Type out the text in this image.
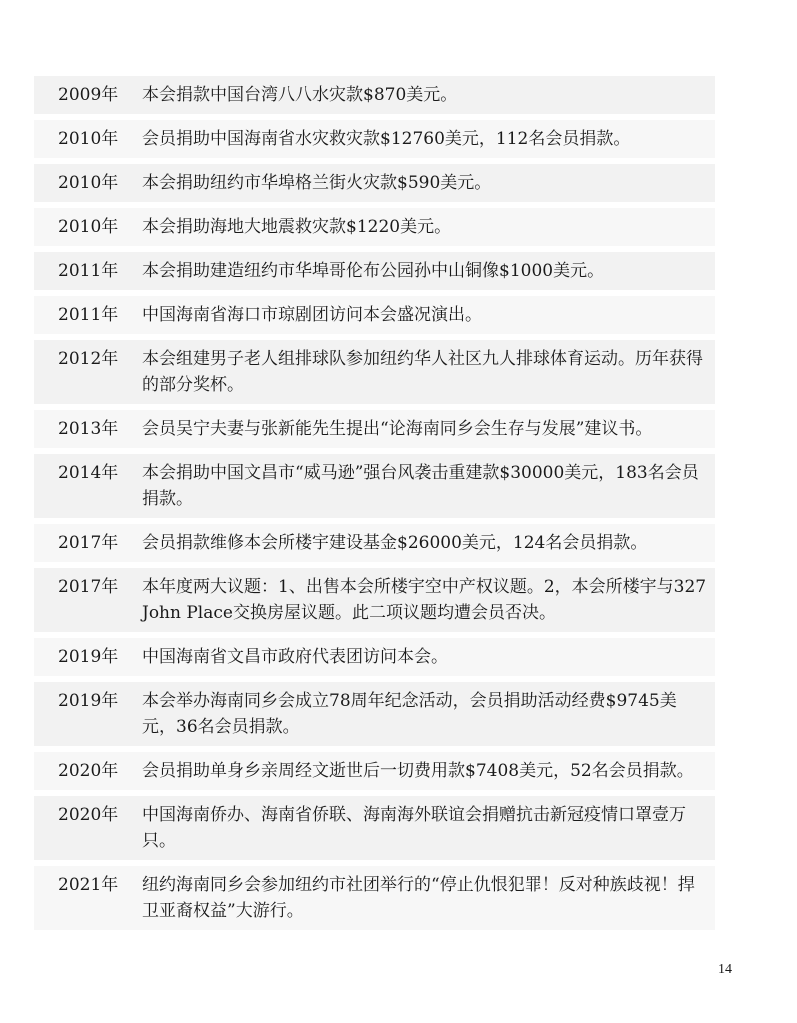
2009年	本会捐款中国台湾八八水灾款$870美元。
2010年	会员捐助中国海南省水灾救灾款$12760美元，112名会员捐款。
2010年	本会捐助纽约市华埠格兰街火灾款$590美元。
2010年	本会捐助海地大地震救灾款$1220美元。
2011年	本会捐助建造纽约市华埠哥伦布公园孙中山铜像$1000美元。
2011年	中国海南省海口市琼剧团访问本会盛况演出。
2012年	本会组建男子老人组排球队参加纽约华人社区九人排球体育运动。历年获得的部分奖杯。
2013年	会员吴宁夫妻与张新能先生提出“论海南同乡会生存与发展”建议书。
2014年	本会捐助中国文昌市“威马逊”强台风袭击重建款$30000美元，183名会员捐款。
2017年	会员捐款维修本会所楼宇建设基金$26000美元，124名会员捐款。
2017年	本年度两大议题：1、出售本会所楼宇空中产权议题。2，本会所楼宇与327 John Place交换房屋议题。此二项议题均遭会员否决。
2019年	中国海南省文昌市政府代表团访问本会。
2019年	本会举办海南同乡会成立78周年纪念活动，会员捐助活动经费$9745美元，36名会员捐款。
2020年	会员捐助单身乡亲周经文逝世后一切费用款$7408美元，52名会员捐款。
2020年	中国海南侨办、海南省侨联、海南海外联谊会捐赠抗击新冠疫情口罩壹万只。
2021年	纽约海南同乡会参加纽约市社团举行的“停止仇恨犯罪！反对种族歧视！捍卫亚裔权益”大游行。
14
